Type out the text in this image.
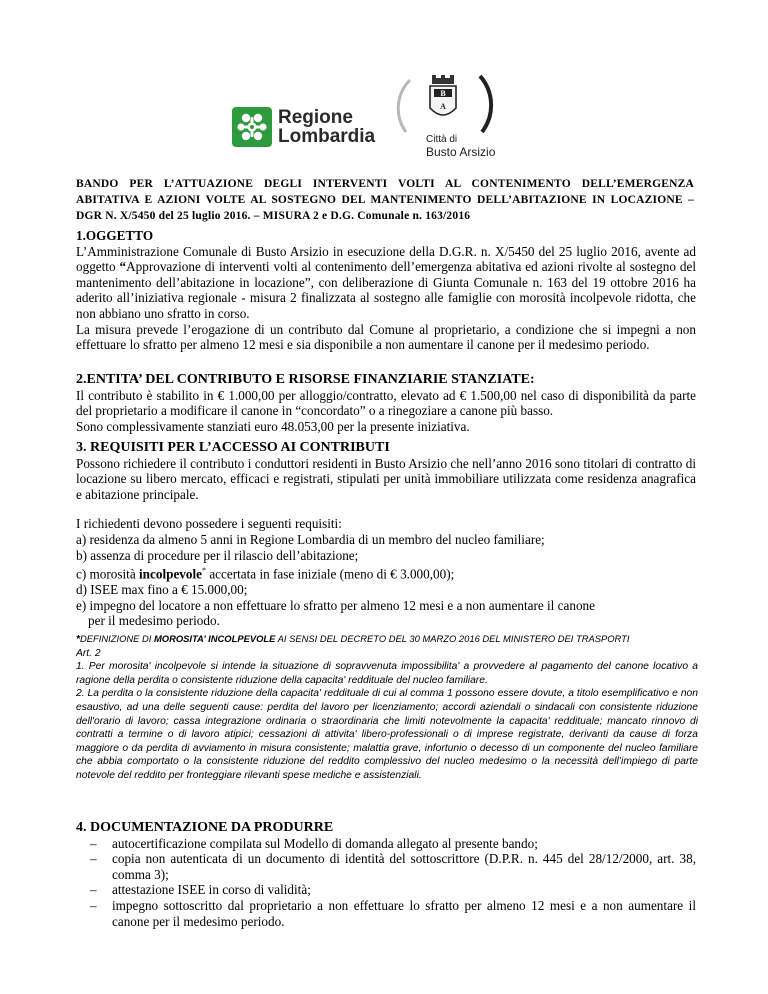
Regione
Lombardia
B
A
Città di
Busto Arsizio
BANDO PER L’ATTUAZIONE DEGLI INTERVENTI VOLTI AL CONTENIMENTO DELL’EMERGENZA ABITATIVA E AZIONI VOLTE AL SOSTEGNO DEL MANTENIMENTO DELL’ABITAZIONE IN LOCAZIONE – DGR N. X/5450 del 25 luglio 2016. – MISURA 2 e D.G. Comunale n. 163/2016

1.OGGETTO

L’Amministrazione Comunale di Busto Arsizio in esecuzione della D.G.R. n. X/5450 del 25 luglio 2016, avente ad oggetto “Approvazione di interventi volti al contenimento dell’emergenza abitativa ed azioni rivolte al sostegno del mantenimento dell’abitazione in locazione”, con deliberazione di Giunta Comunale n. 163 del 19 ottobre 2016 ha aderito all’iniziativa regionale - misura 2 finalizzata al sostegno alle famiglie con morosità incolpevole ridotta, che non abbiano uno sfratto in corso.

La misura prevede l’erogazione di un contributo dal Comune al proprietario, a condizione che si impegni a non effettuare lo sfratto per almeno 12 mesi e sia disponibile a non aumentare il canone per il medesimo periodo.

2.ENTITA’ DEL CONTRIBUTO E RISORSE FINANZIARIE STANZIATE:

Il contributo è stabilito in € 1.000,00 per alloggio/contratto, elevato ad € 1.500,00 nel caso di disponibilità da parte del proprietario a modificare il canone in “concordato” o a rinegoziare a canone più basso.

Sono complessivamente stanziati euro 48.053,00 per la presente iniziativa.

3. REQUISITI PER L’ACCESSO AI CONTRIBUTI

Possono richiedere il contributo i conduttori residenti in Busto Arsizio che nell’anno 2016 sono titolari di contratto di locazione su libero mercato, efficaci e registrati, stipulati per unità immobiliare utilizzata come residenza anagrafica e abitazione principale.

I richiedenti devono possedere i seguenti requisiti:

a) residenza da almeno 5 anni in Regione Lombardia di un membro del nucleo familiare;

b) assenza di procedure per il rilascio dell’abitazione;

c) morosità incolpevole* accertata in fase iniziale (meno di € 3.000,00);

d) ISEE max fino a € 15.000,00;

e) impegno del locatore a non effettuare lo sfratto per almeno 12 mesi e a non aumentare il canone

per il medesimo periodo.

*DEFINIZIONE DI MOROSITA’ INCOLPEVOLE AI SENSI DEL DECRETO DEL 30 MARZO 2016 DEL MINISTERO DEI TRASPORTI

Art. 2

1. Per morosita' incolpevole si intende la situazione di sopravvenuta impossibilita' a provvedere al pagamento del canone locativo a ragione della perdita o consistente riduzione della capacita' reddituale del nucleo familiare.

2. La perdita o la consistente riduzione della capacita' reddituale di cui al comma 1 possono essere dovute, a titolo esemplificativo e non esaustivo, ad una delle seguenti cause: perdita del lavoro per licenziamento; accordi aziendali o sindacali con consistente riduzione dell'orario di lavoro; cassa integrazione ordinaria o straordinaria che limiti notevolmente la capacita' reddituale; mancato rinnovo di contratti a termine o di lavoro atipici; cessazioni di attivita' libero-professionali o di imprese registrate, derivanti da cause di forza maggiore o da perdita di avviamento in misura consistente; malattia grave, infortunio o decesso di un componente del nucleo familiare che abbia comportato o la consistente riduzione del reddito complessivo del nucleo medesimo o la necessità dell’impiego di parte notevole del reddito per fronteggiare rilevanti spese mediche e assistenziali.

4. DOCUMENTAZIONE DA PRODURRE

– autocertificazione compilata sul Modello di domanda allegato al presente bando;
– copia non autenticata di un documento di identità del sottoscrittore (D.P.R. n. 445 del 28/12/2000, art. 38, comma 3);
– attestazione ISEE in corso di validità;
– impegno sottoscritto dal proprietario a non effettuare lo sfratto per almeno 12 mesi e a non aumentare il canone per il medesimo periodo.
